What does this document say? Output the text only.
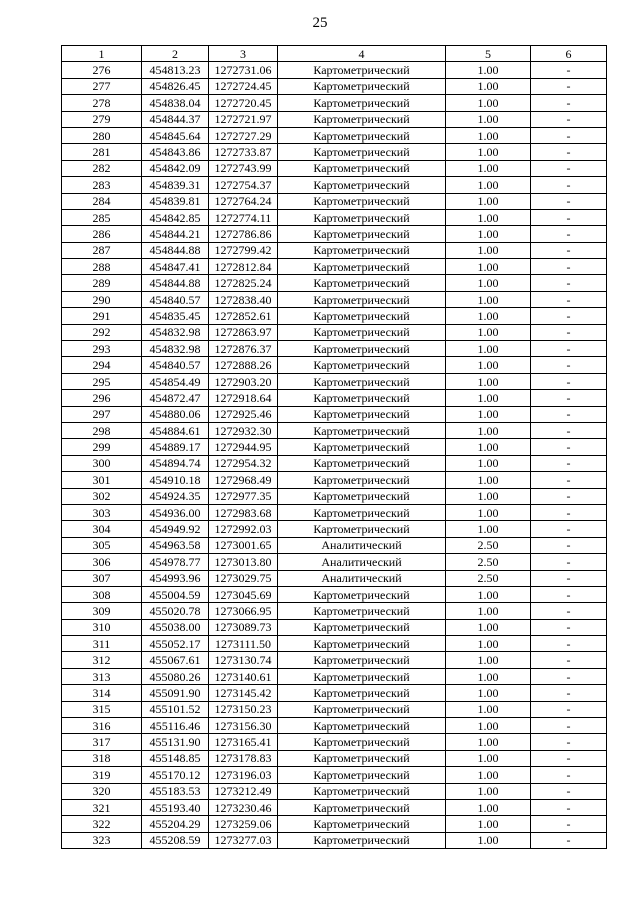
25
1	2	3	4	5	6
276	454813.23	1272731.06	Картометрический	1.00	-
277	454826.45	1272724.45	Картометрический	1.00	-
278	454838.04	1272720.45	Картометрический	1.00	-
279	454844.37	1272721.97	Картометрический	1.00	-
280	454845.64	1272727.29	Картометрический	1.00	-
281	454843.86	1272733.87	Картометрический	1.00	-
282	454842.09	1272743.99	Картометрический	1.00	-
283	454839.31	1272754.37	Картометрический	1.00	-
284	454839.81	1272764.24	Картометрический	1.00	-
285	454842.85	1272774.11	Картометрический	1.00	-
286	454844.21	1272786.86	Картометрический	1.00	-
287	454844.88	1272799.42	Картометрический	1.00	-
288	454847.41	1272812.84	Картометрический	1.00	-
289	454844.88	1272825.24	Картометрический	1.00	-
290	454840.57	1272838.40	Картометрический	1.00	-
291	454835.45	1272852.61	Картометрический	1.00	-
292	454832.98	1272863.97	Картометрический	1.00	-
293	454832.98	1272876.37	Картометрический	1.00	-
294	454840.57	1272888.26	Картометрический	1.00	-
295	454854.49	1272903.20	Картометрический	1.00	-
296	454872.47	1272918.64	Картометрический	1.00	-
297	454880.06	1272925.46	Картометрический	1.00	-
298	454884.61	1272932.30	Картометрический	1.00	-
299	454889.17	1272944.95	Картометрический	1.00	-
300	454894.74	1272954.32	Картометрический	1.00	-
301	454910.18	1272968.49	Картометрический	1.00	-
302	454924.35	1272977.35	Картометрический	1.00	-
303	454936.00	1272983.68	Картометрический	1.00	-
304	454949.92	1272992.03	Картометрический	1.00	-
305	454963.58	1273001.65	Аналитический	2.50	-
306	454978.77	1273013.80	Аналитический	2.50	-
307	454993.96	1273029.75	Аналитический	2.50	-
308	455004.59	1273045.69	Картометрический	1.00	-
309	455020.78	1273066.95	Картометрический	1.00	-
310	455038.00	1273089.73	Картометрический	1.00	-
311	455052.17	1273111.50	Картометрический	1.00	-
312	455067.61	1273130.74	Картометрический	1.00	-
313	455080.26	1273140.61	Картометрический	1.00	-
314	455091.90	1273145.42	Картометрический	1.00	-
315	455101.52	1273150.23	Картометрический	1.00	-
316	455116.46	1273156.30	Картометрический	1.00	-
317	455131.90	1273165.41	Картометрический	1.00	-
318	455148.85	1273178.83	Картометрический	1.00	-
319	455170.12	1273196.03	Картометрический	1.00	-
320	455183.53	1273212.49	Картометрический	1.00	-
321	455193.40	1273230.46	Картометрический	1.00	-
322	455204.29	1273259.06	Картометрический	1.00	-
323	455208.59	1273277.03	Картометрический	1.00	-
